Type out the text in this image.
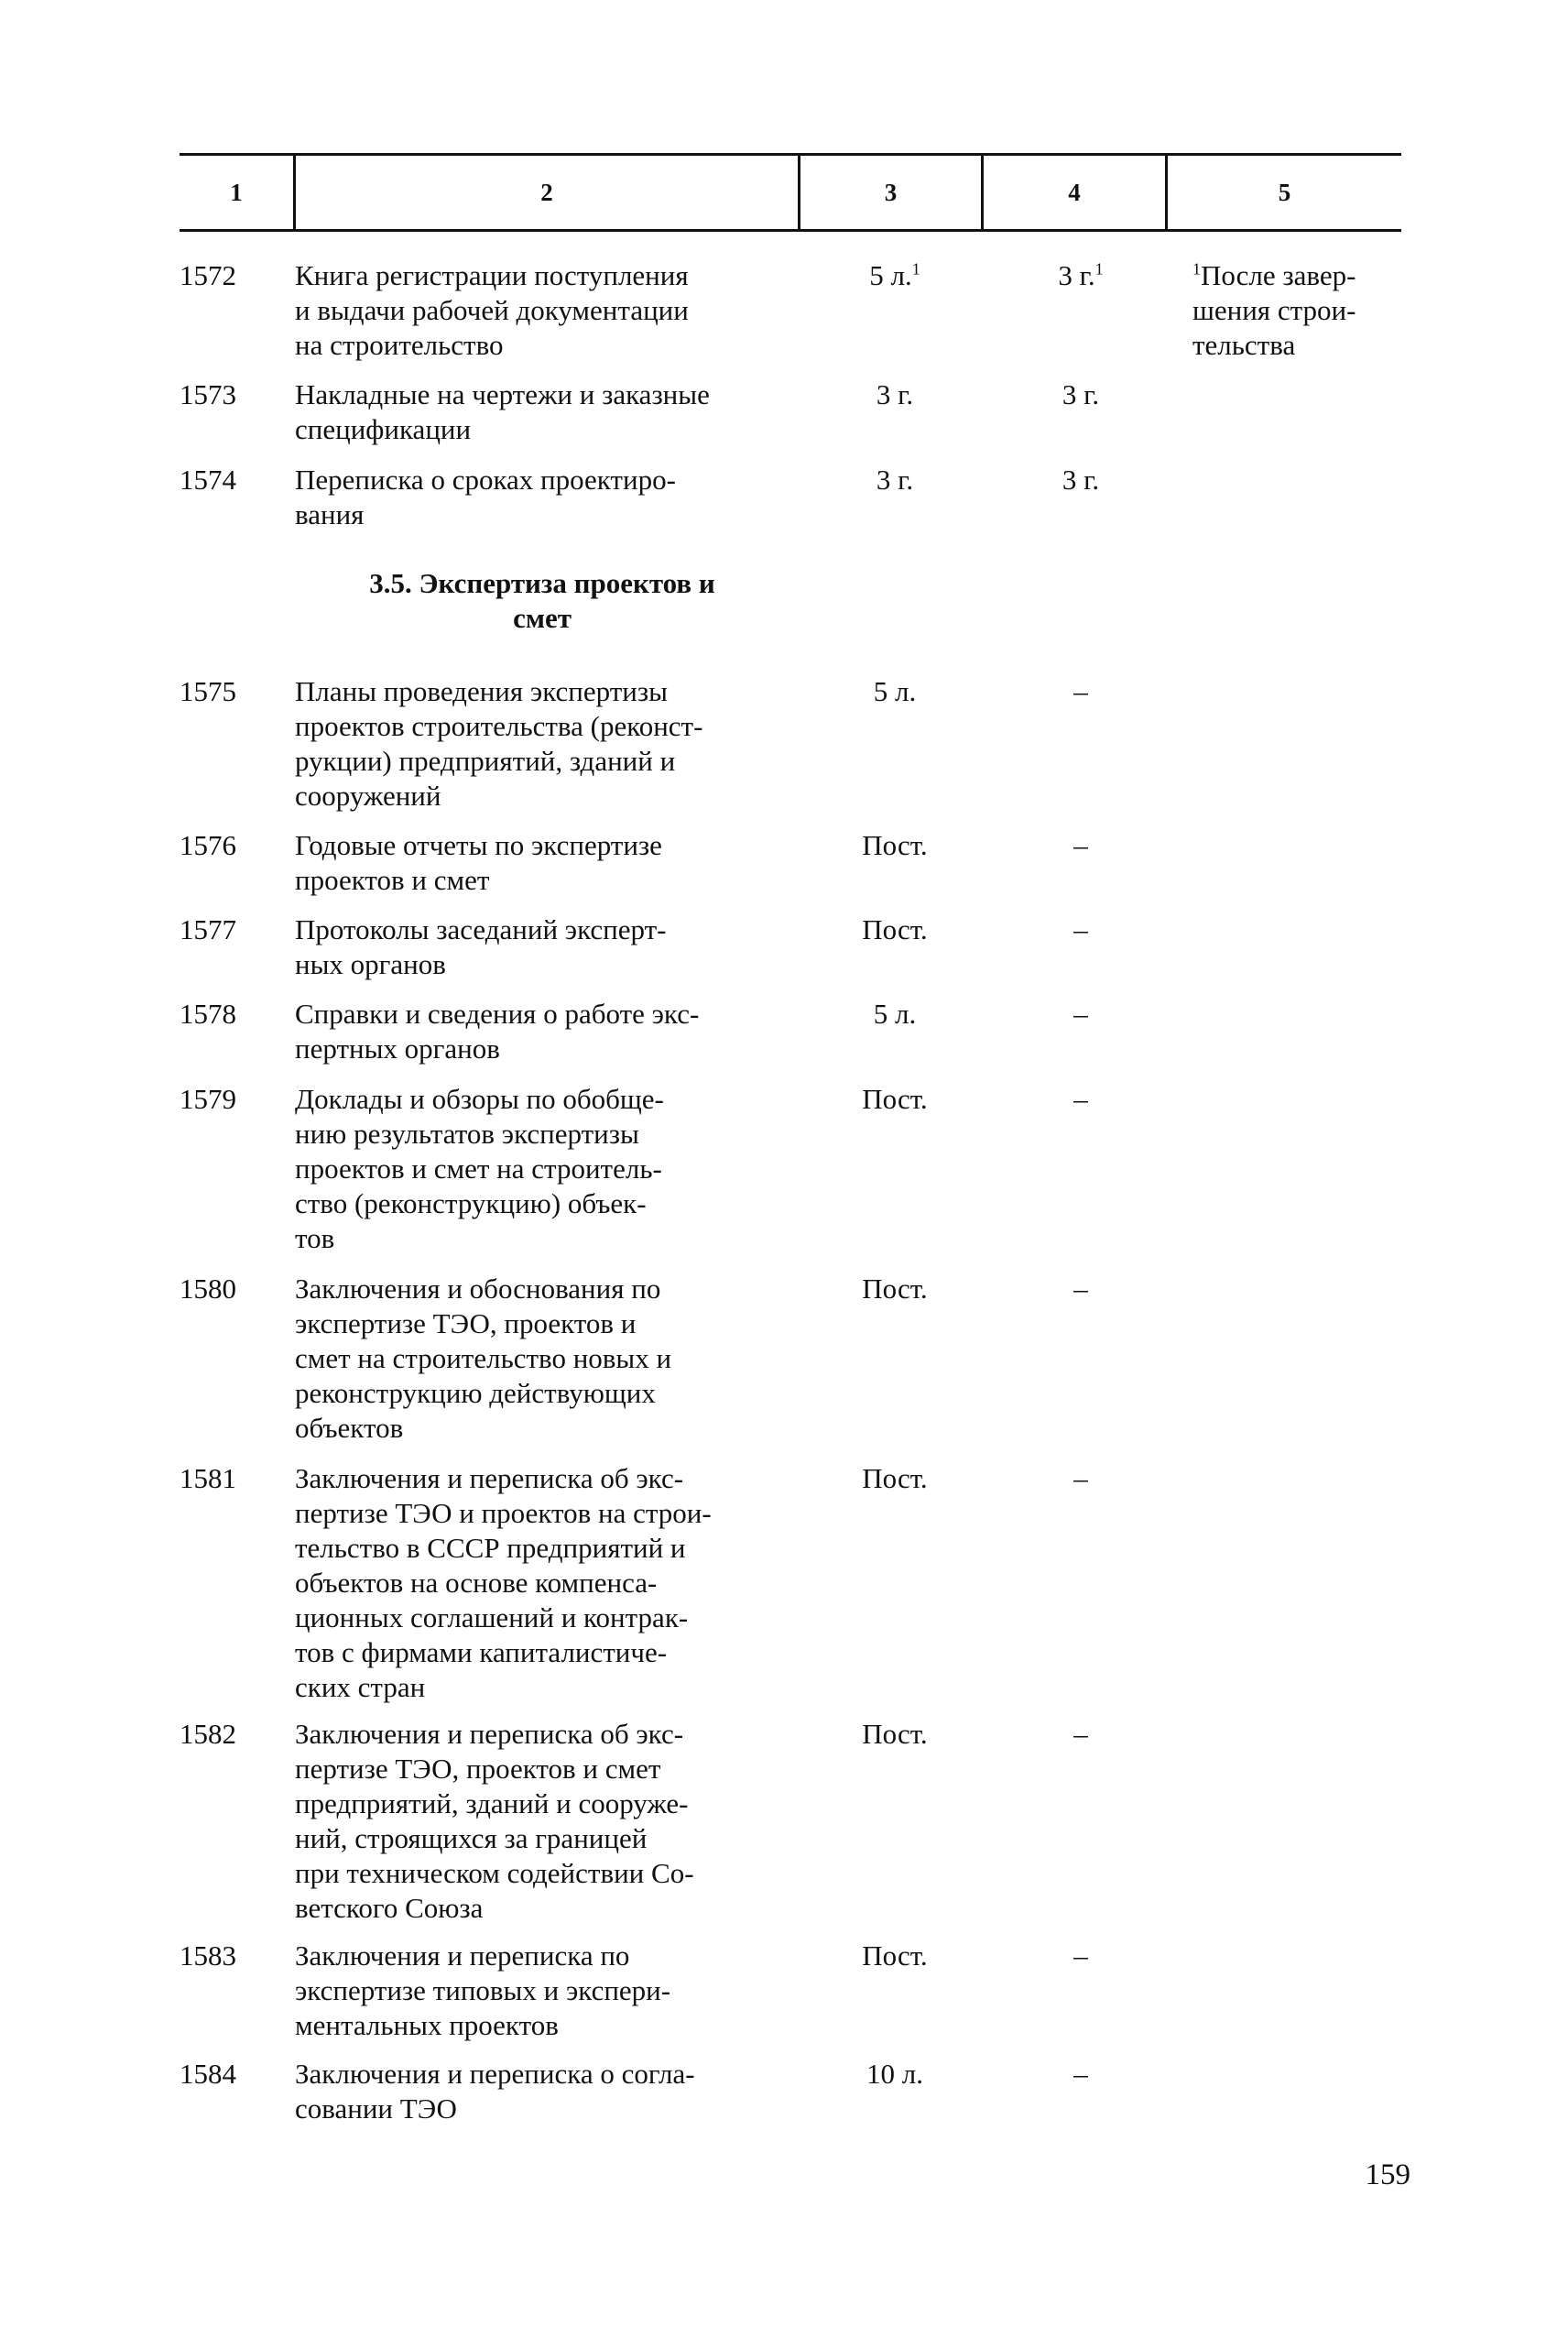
1	2	3	4	5
1572	Книга регистрации поступления
и выдачи рабочей документации
на строительство
5 л.$^1$	3 г.$^1$	$^1$После завер-
шения строи-
тельства
1573	Накладные на чертежи и заказные
спецификации
3 г.	3 г.
1574	Переписка о сроках проектиро-
вания
3 г.	3 г.
3.5. Экспертиза проектов и
смет
1575	Планы проведения экспертизы
проектов строительства (реконст-
рукции) предприятий, зданий и
сооружений
5 л.	–
1576	Годовые отчеты по экспертизе
проектов и смет
Пост.	–
1577	Протоколы заседаний эксперт-
ных органов
Пост.	–
1578	Справки и сведения о работе экс-
пертных органов
5 л.	–
1579	Доклады и обзоры по обобще-
нию результатов экспертизы
проектов и смет на строитель-
ство (реконструкцию) объек-
тов
Пост.	–
1580	Заключения и обоснования по
экспертизе ТЭО, проектов и
смет на строительство новых и
реконструкцию действующих
объектов
Пост.	–
1581	Заключения и переписка об экс-
пертизе ТЭО и проектов на строи-
тельство в СССР предприятий и
объектов на основе компенса-
ционных соглашений и контрак-
тов с фирмами капиталистиче-
ских стран
Пост.	–
1582	Заключения и переписка об экс-
пертизе ТЭО, проектов и смет
предприятий, зданий и сооруже-
ний, строящихся за границей
при техническом содействии Со-
ветского Союза
Пост.	–
1583	Заключения и переписка по
экспертизе типовых и экспери-
ментальных проектов
Пост.	–
1584	Заключения и переписка о согла-
совании ТЭО
10 л.	–
159
